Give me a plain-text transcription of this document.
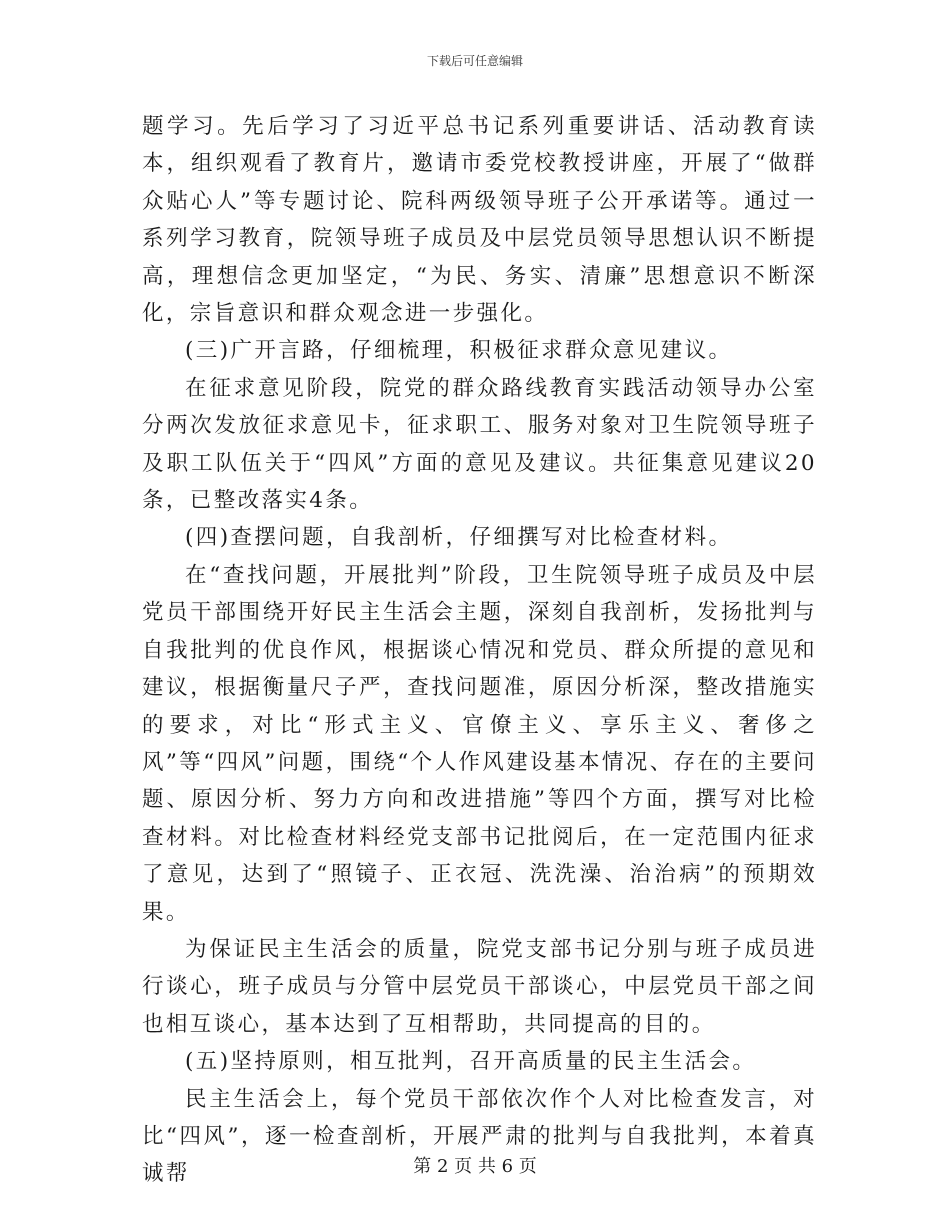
下载后可任意编辑

题学习。先后学习了习近平总书记系列重要讲话、活动教育读本，组织观看了教育片，邀请市委党校教授讲座，开展了“做群众贴心人”等专题讨论、院科两级领导班子公开承诺等。通过一系列学习教育，院领导班子成员及中层党员领导思想认识不断提高，理想信念更加坚定，“为民、务实、清廉”思想意识不断深化，宗旨意识和群众观念进一步强化。

(三)广开言路，仔细梳理，积极征求群众意见建议。

在征求意见阶段，院党的群众路线教育实践活动领导办公室分两次发放征求意见卡，征求职工、服务对象对卫生院领导班子及职工队伍关于“四风”方面的意见及建议。共征集意见建议20条，已整改落实4条。

(四)查摆问题，自我剖析，仔细撰写对比检查材料。

在“查找问题，开展批判”阶段，卫生院领导班子成员及中层党员干部围绕开好民主生活会主题，深刻自我剖析，发扬批判与自我批判的优良作风，根据谈心情况和党员、群众所提的意见和建议，根据衡量尺子严，查找问题准，原因分析深，整改措施实的要求，对比“形式主义、官僚主义、享乐主义、奢侈之风”等“四风”问题，围绕“个人作风建设基本情况、存在的主要问题、原因分析、努力方向和改进措施”等四个方面，撰写对比检查材料。对比检查材料经党支部书记批阅后，在一定范围内征求了意见，达到了“照镜子、正衣冠、洗洗澡、治治病”的预期效果。

为保证民主生活会的质量，院党支部书记分别与班子成员进行谈心，班子成员与分管中层党员干部谈心，中层党员干部之间也相互谈心，基本达到了互相帮助，共同提高的目的。

(五)坚持原则，相互批判，召开高质量的民主生活会。

民主生活会上，每个党员干部依次作个人对比检查发言，对比“四风”，逐一检查剖析，开展严肃的批判与自我批判，本着真诚帮	第 2 页 共 6 页
